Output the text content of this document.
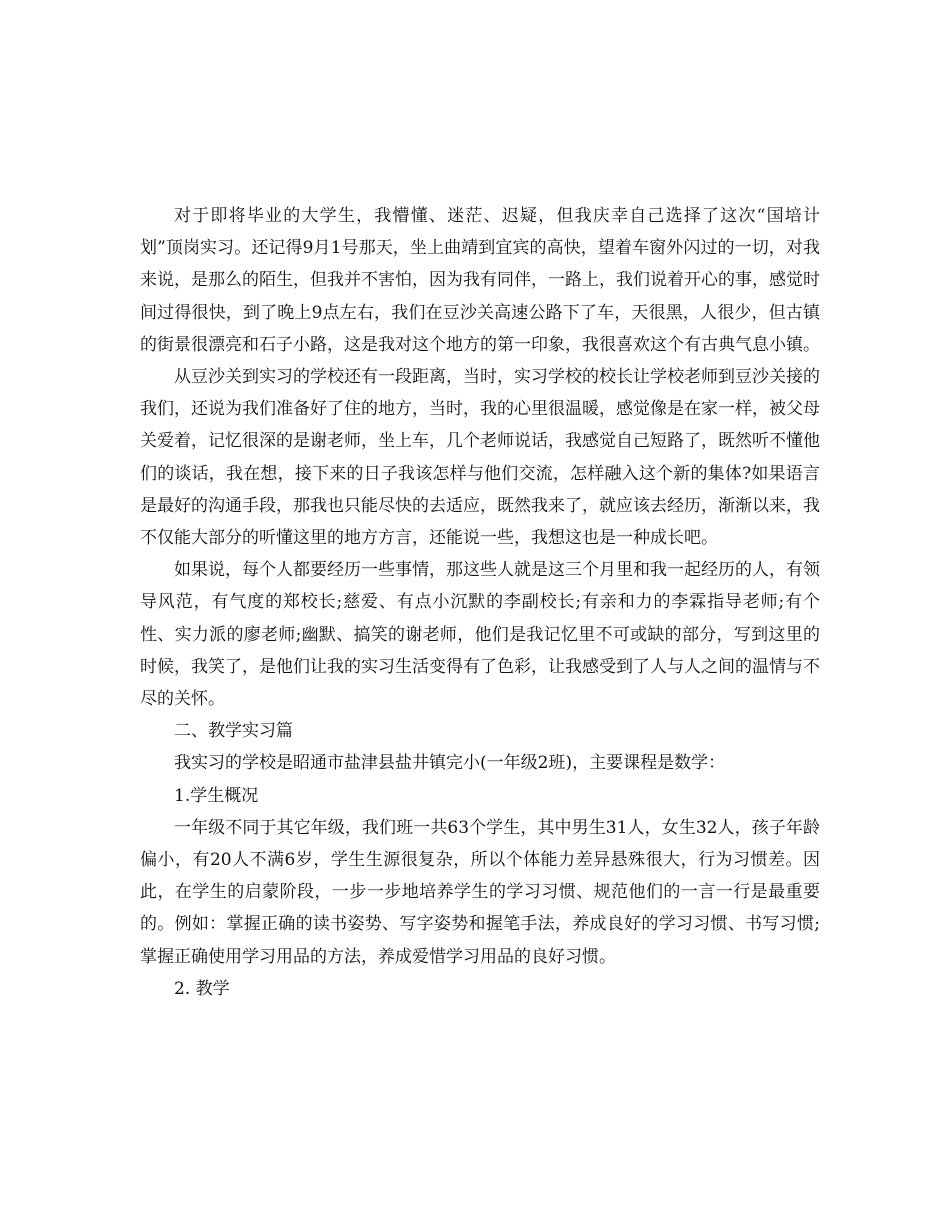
对于即将毕业的大学生，我懵懂、迷茫、迟疑，但我庆幸自己选择了这次“国培计划”顶岗实习。还记得9月1号那天，坐上曲靖到宜宾的高快，望着车窗外闪过的一切，对我来说，是那么的陌生，但我并不害怕，因为我有同伴，一路上，我们说着开心的事，感觉时间过得很快，到了晚上9点左右，我们在豆沙关高速公路下了车，天很黑，人很少，但古镇的街景很漂亮和石子小路，这是我对这个地方的第一印象，我很喜欢这个有古典气息小镇。

从豆沙关到实习的学校还有一段距离，当时，实习学校的校长让学校老师到豆沙关接的我们，还说为我们准备好了住的地方，当时，我的心里很温暖，感觉像是在家一样，被父母关爱着，记忆很深的是谢老师，坐上车，几个老师说话，我感觉自己短路了，既然听不懂他们的谈话，我在想，接下来的日子我该怎样与他们交流，怎样融入这个新的集体?如果语言是最好的沟通手段，那我也只能尽快的去适应，既然我来了，就应该去经历，渐渐以来，我不仅能大部分的听懂这里的地方方言，还能说一些，我想这也是一种成长吧。

如果说，每个人都要经历一些事情，那这些人就是这三个月里和我一起经历的人，有领导风范，有气度的郑校长;慈爱、有点小沉默的李副校长;有亲和力的李霖指导老师;有个性、实力派的廖老师;幽默、搞笑的谢老师，他们是我记忆里不可或缺的部分，写到这里的时候，我笑了，是他们让我的实习生活变得有了色彩，让我感受到了人与人之间的温情与不尽的关怀。

二、教学实习篇

我实习的学校是昭通市盐津县盐井镇完小(一年级2班)，主要课程是数学：

1.学生概况

一年级不同于其它年级，我们班一共63个学生，其中男生31人，女生32人，孩子年龄偏小，有20人不满6岁，学生生源很复杂，所以个体能力差异悬殊很大，行为习惯差。因此，在学生的启蒙阶段，一步一步地培养学生的学习习惯、规范他们的一言一行是最重要的。例如：掌握正确的读书姿势、写字姿势和握笔手法，养成良好的学习习惯、书写习惯;掌握正确使用学习用品的方法，养成爱惜学习用品的良好习惯。

2. 教学
